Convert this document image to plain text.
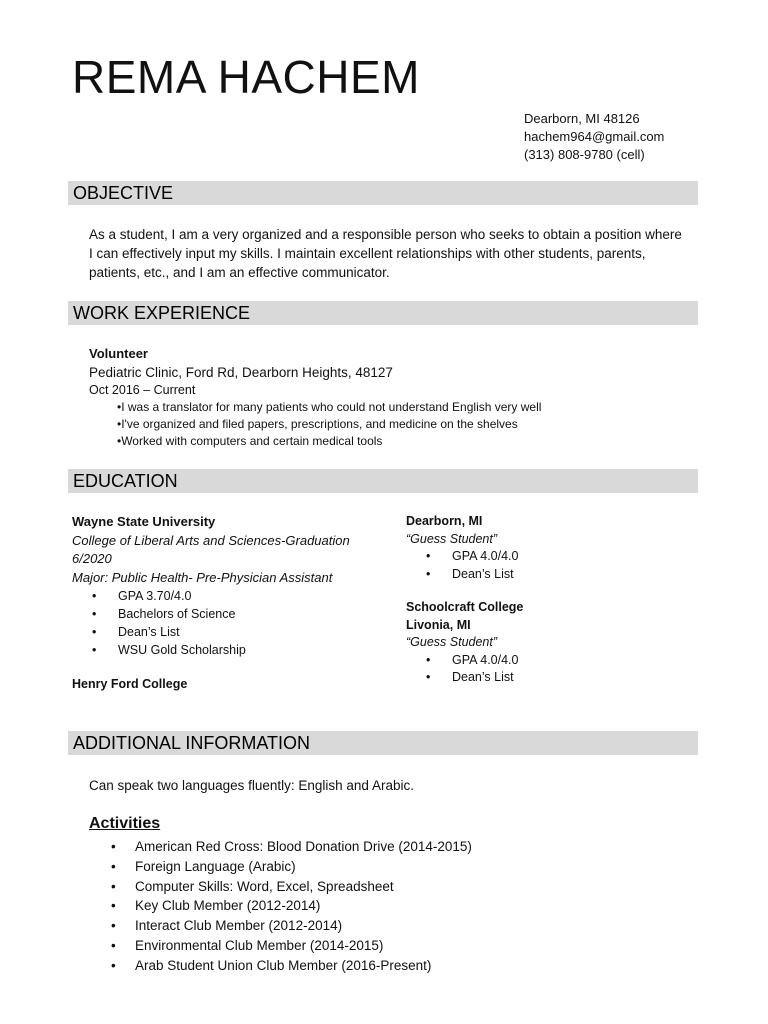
REMA HACHEM
Dearborn, MI 48126
hachem964@gmail.com
(313) 808-9780 (cell)
OBJECTIVE
As a student, I am a very organized and a responsible person who seeks to obtain a position where
I can effectively input my skills. I maintain excellent relationships with other students, parents,
patients, etc., and I am an effective communicator.
WORK EXPERIENCE
Volunteer
Pediatric Clinic, Ford Rd, Dearborn Heights, 48127
Oct 2016 – Current
•I was a translator for many patients who could not understand English very well
•I've organized and filed papers, prescriptions, and medicine on the shelves
•Worked with computers and certain medical tools
EDUCATION
Wayne State University
College of Liberal Arts and Sciences-Graduation
6/2020
Major: Public Health- Pre-Physician Assistant
• GPA 3.70/4.0
• Bachelors of Science
• Dean’s List
• WSU Gold Scholarship
Henry Ford College
Dearborn, MI
“Guess Student”
• GPA 4.0/4.0
• Dean’s List
Schoolcraft College
Livonia, MI
“Guess Student”
• GPA 4.0/4.0
• Dean’s List
ADDITIONAL INFORMATION
Can speak two languages fluently: English and Arabic.
Activities
• American Red Cross: Blood Donation Drive (2014-2015)
• Foreign Language (Arabic)
• Computer Skills: Word, Excel, Spreadsheet
• Key Club Member (2012-2014)
• Interact Club Member (2012-2014)
• Environmental Club Member (2014-2015)
• Arab Student Union Club Member (2016-Present)
